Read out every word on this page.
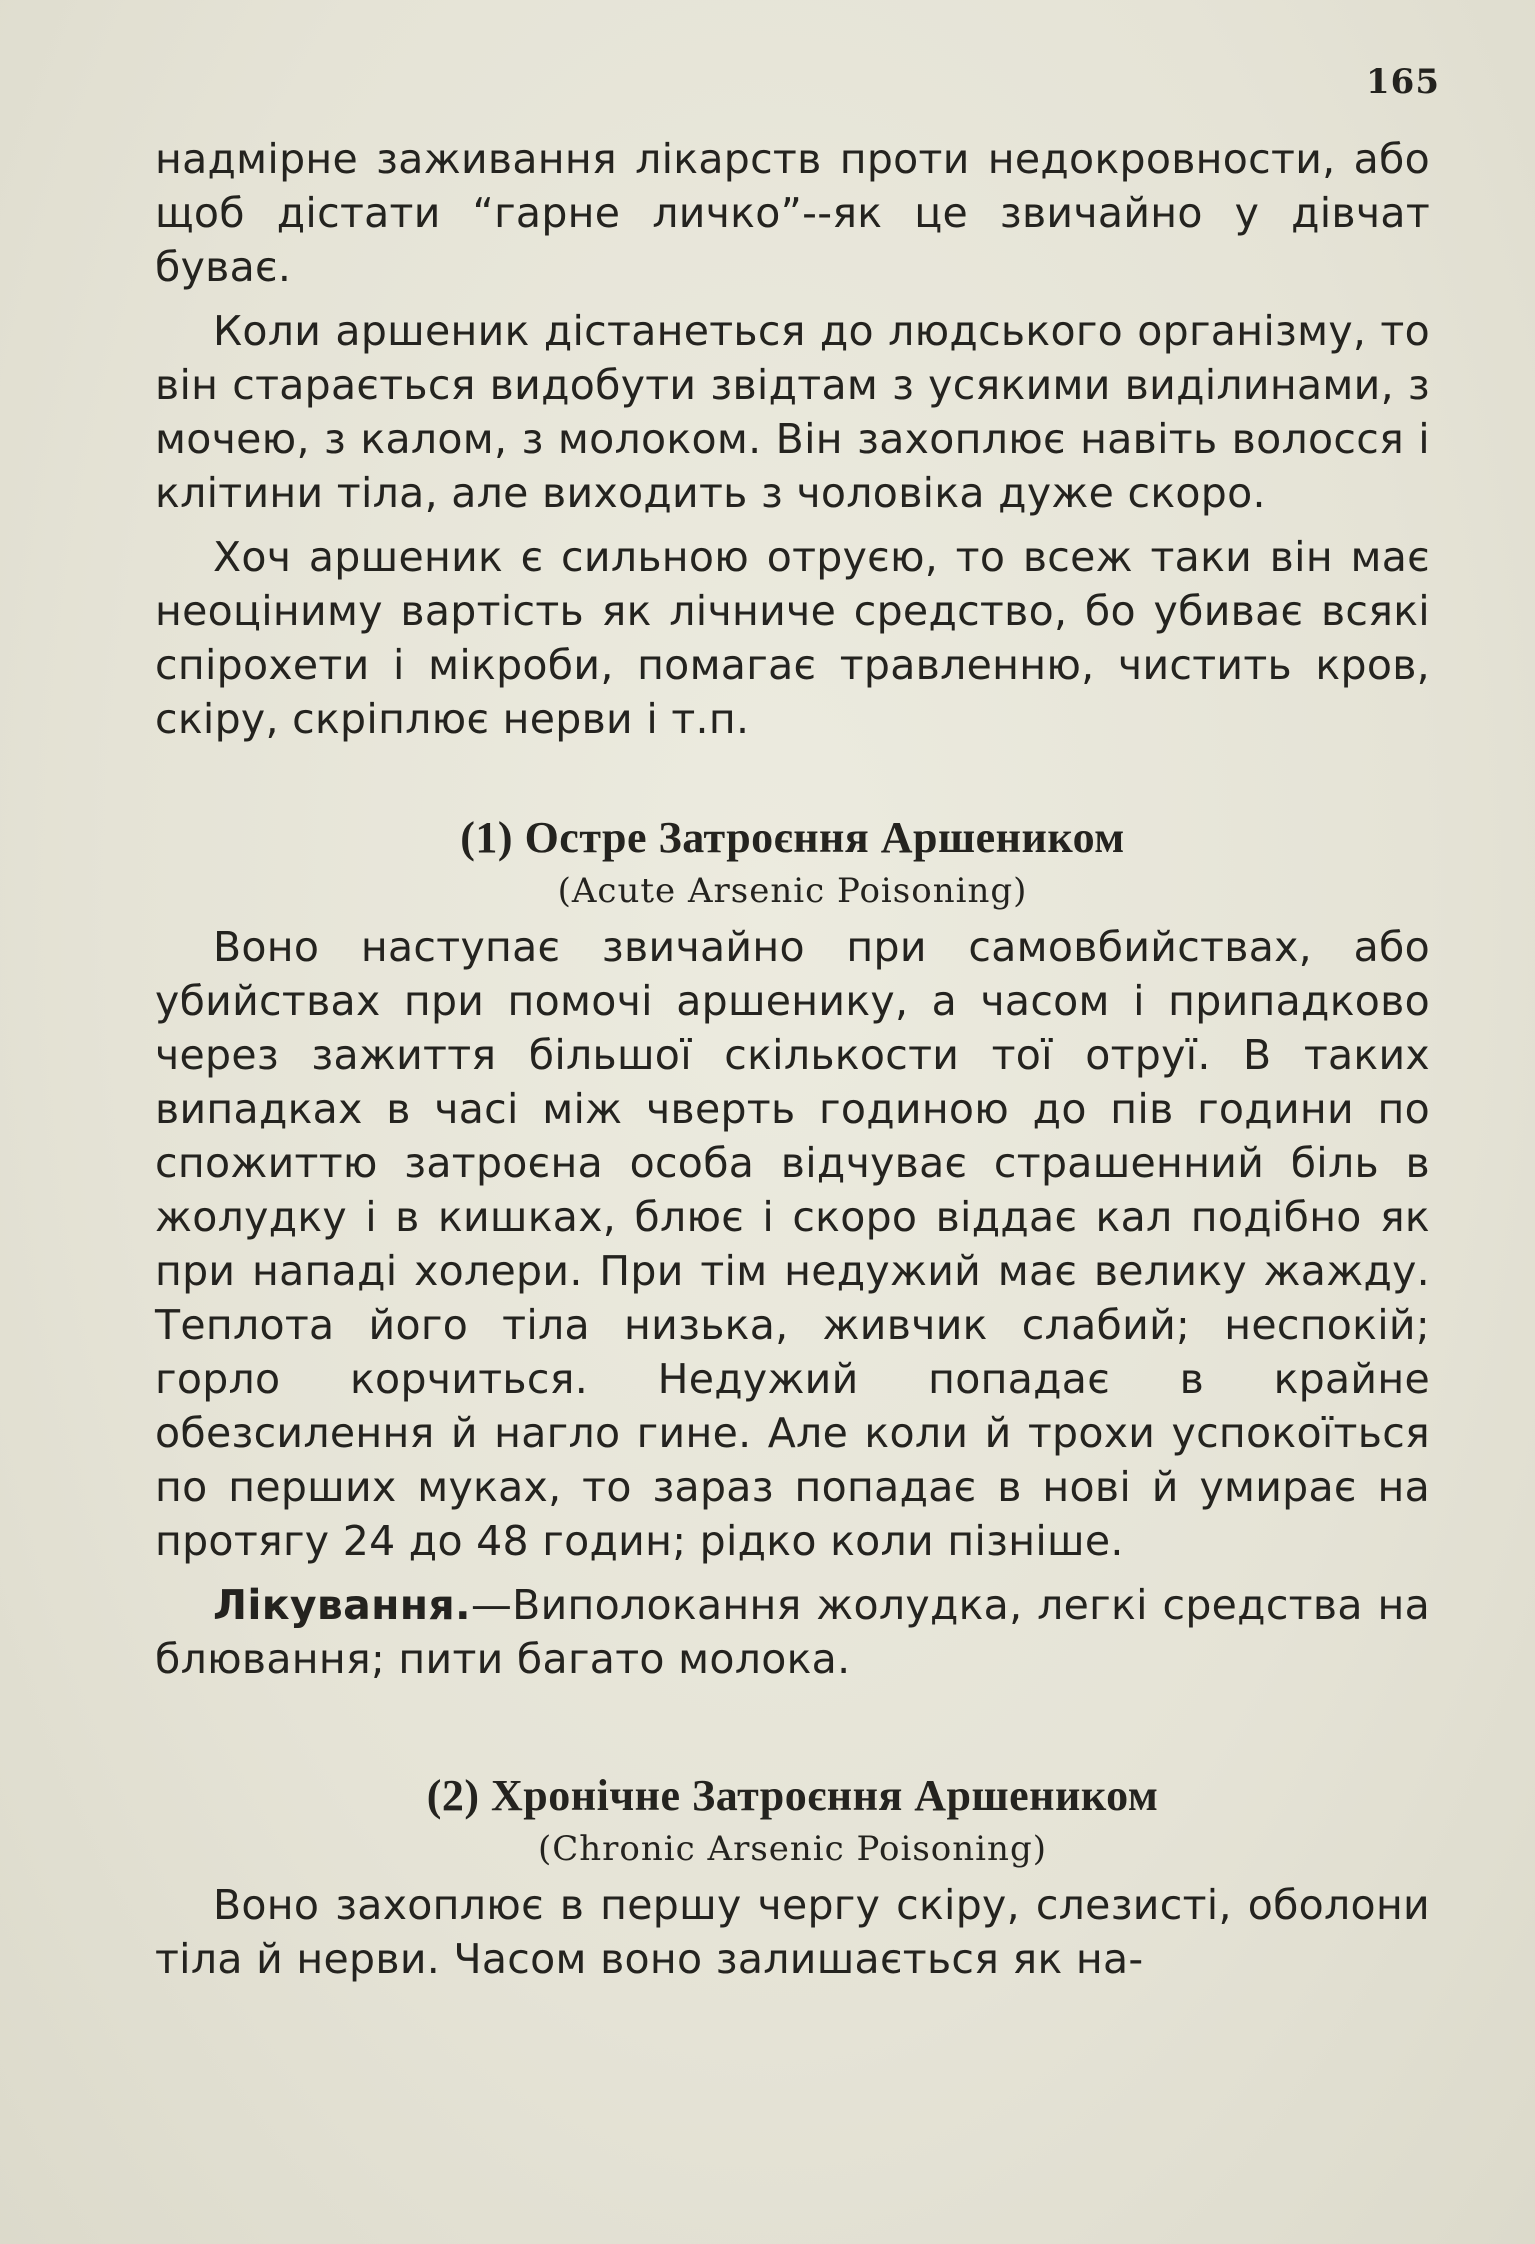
165

надмірне заживання лікарств проти недокровности, або щоб дістати “гарне личко”--як це звичайно у дівчат буває.

Коли аршеник дістанеться до людського організму, то він старається видобути звідтам з усякими виділинами, з мочею, з калом, з молоком. Він захоплює навіть волосся і клітини тіла, але виходить з чоловіка дуже скоро.

Хоч аршеник є сильною отруєю, то всеж таки він має неоціниму вартість як лічниче средство, бо убиває всякі спірохети і мікроби, помагає травленню, чистить кров, скіру, скріплює нерви і т.п.

(1) Остре Затроєння Аршеником
(Acute Arsenic Poisoning)

Воно наступає звичайно при самовбийствах, або убийствах при помочі аршенику, а часом і припадково через зажиття більшої скількости тої отруї. В таких випадках в часі між чверть годиною до пів години по спожиттю затроєна особа відчуває страшенний біль в жолудку і в кишках, блює і скоро віддає кал подібно як при нападі холери. При тім недужий має велику жажду. Теплота його тіла низька, живчик слабий; неспокій; горло корчиться. Недужий попадає в крайне обезсилення й нагло гине. Але коли й трохи успокоїться по перших муках, то зараз попадає в нові й умирає на протягу 24 до 48 годин; рідко коли пізніше.

Лікування.—Виполокання жолудка, легкі средства на блювання; пити багато молока.

(2) Хронічне Затроєння Аршеником
(Chronic Arsenic Poisoning)

Воно захоплює в першу чергу скіру, слезисті, оболони тіла й нерви. Часом воно залишається як на-
